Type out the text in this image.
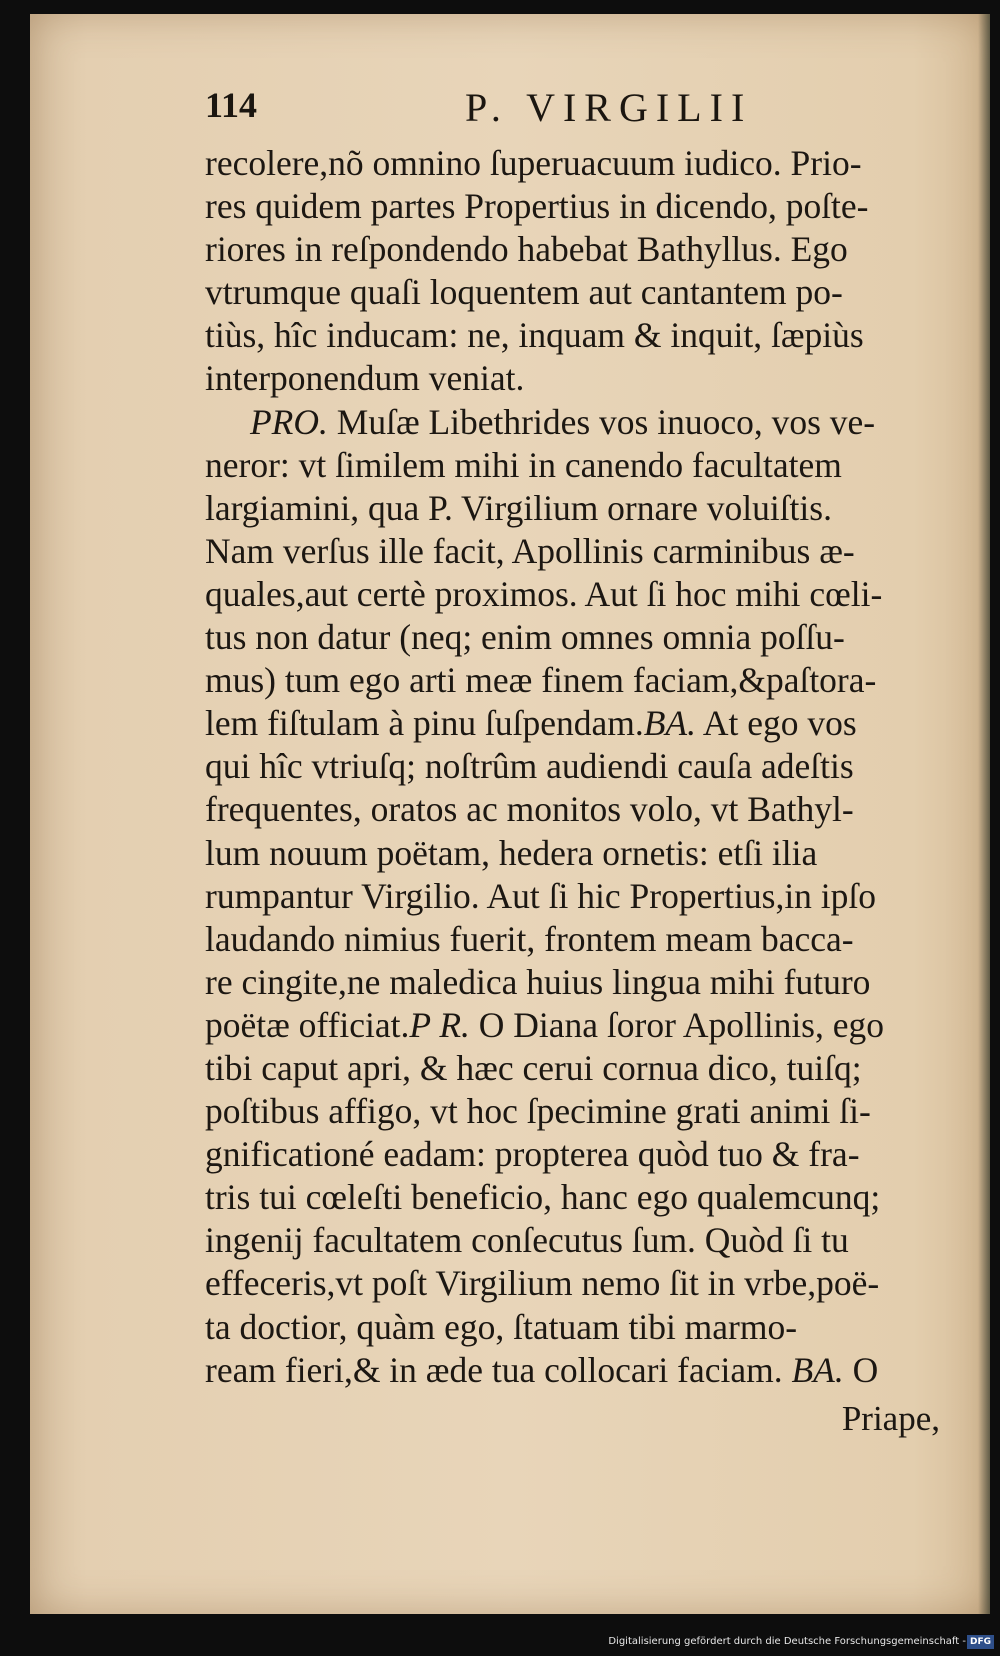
114	P. VIRGILII
recolere,nõ omnino ſuperuacuum iudico. Prio-
res quidem partes Propertius in dicendo, poſte-
riores in reſpondendo habebat Bathyllus. Ego
vtrumque quaſi loquentem aut cantantem po-
tiùs, hîc inducam: ne, inquam & inquit, ſæpiùs
interponendum veniat.
PRO. Muſæ Libethrides vos inuoco, vos ve-
neror: vt ſimilem mihi in canendo facultatem
largiamini, qua P. Virgilium ornare voluiſtis.
Nam verſus ille facit, Apollinis carminibus æ-
quales,aut certè proximos. Aut ſi hoc mihi cœli-
tus non datur (neq; enim omnes omnia poſſu-
mus) tum ego arti meæ finem faciam,&paſtora-
lem fiſtulam à pinu ſuſpendam.BA. At ego vos
qui hîc vtriuſq; noſtrûm audiendi cauſa adeſtis
frequentes, oratos ac monitos volo, vt Bathyl-
lum nouum poëtam, hedera ornetis: etſi ilia
rumpantur Virgilio. Aut ſi hic Propertius,in ipſo
laudando nimius fuerit, frontem meam bacca-
re cingite,ne maledica huius lingua mihi futuro
poëtæ officiat.P R. O Diana ſoror Apollinis, ego
tibi caput apri, & hæc cerui cornua dico, tuiſq;
poſtibus affigo, vt hoc ſpecimine grati animi ſi-
gnificationé eadam: propterea quòd tuo & fra-
tris tui cœleſti beneficio, hanc ego qualemcunq;
ingenij facultatem conſecutus ſum. Quòd ſi tu
effeceris,vt poſt Virgilium nemo ſit in vrbe,poë-
ta doctior, quàm ego, ſtatuam tibi marmo-
ream fieri,& in æde tua collocari faciam. BA. O
Priape,
Digitalisierung gefördert durch die Deutsche Forschungsgemeinschaft - DFG
